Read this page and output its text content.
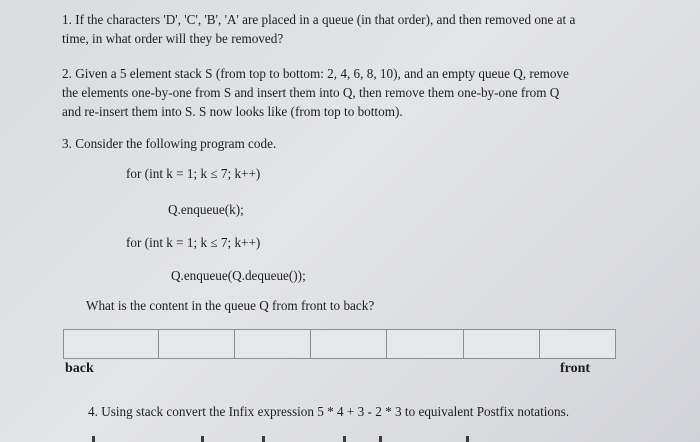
1. If the characters 'D', 'C', 'B', 'A' are placed in a queue (in that order), and then removed one at a
time, in what order will they be removed?

2. Given a 5 element stack S (from top to bottom: 2, 4, 6, 8, 10), and an empty queue Q, remove
the elements one-by-one from S and insert them into Q, then remove them one-by-one from Q
and re-insert them into S. S now looks like (from top to bottom).

3. Consider the following program code.

for (int k = 1; k ≤ 7; k++)
Q.enqueue(k);
for (int k = 1; k ≤ 7; k++)
Q.enqueue(Q.dequeue());
What is the content in the queue Q from front to back?
back	front
4. Using stack convert the Infix expression 5 * 4 + 3 - 2 * 3 to equivalent Postfix notations.
